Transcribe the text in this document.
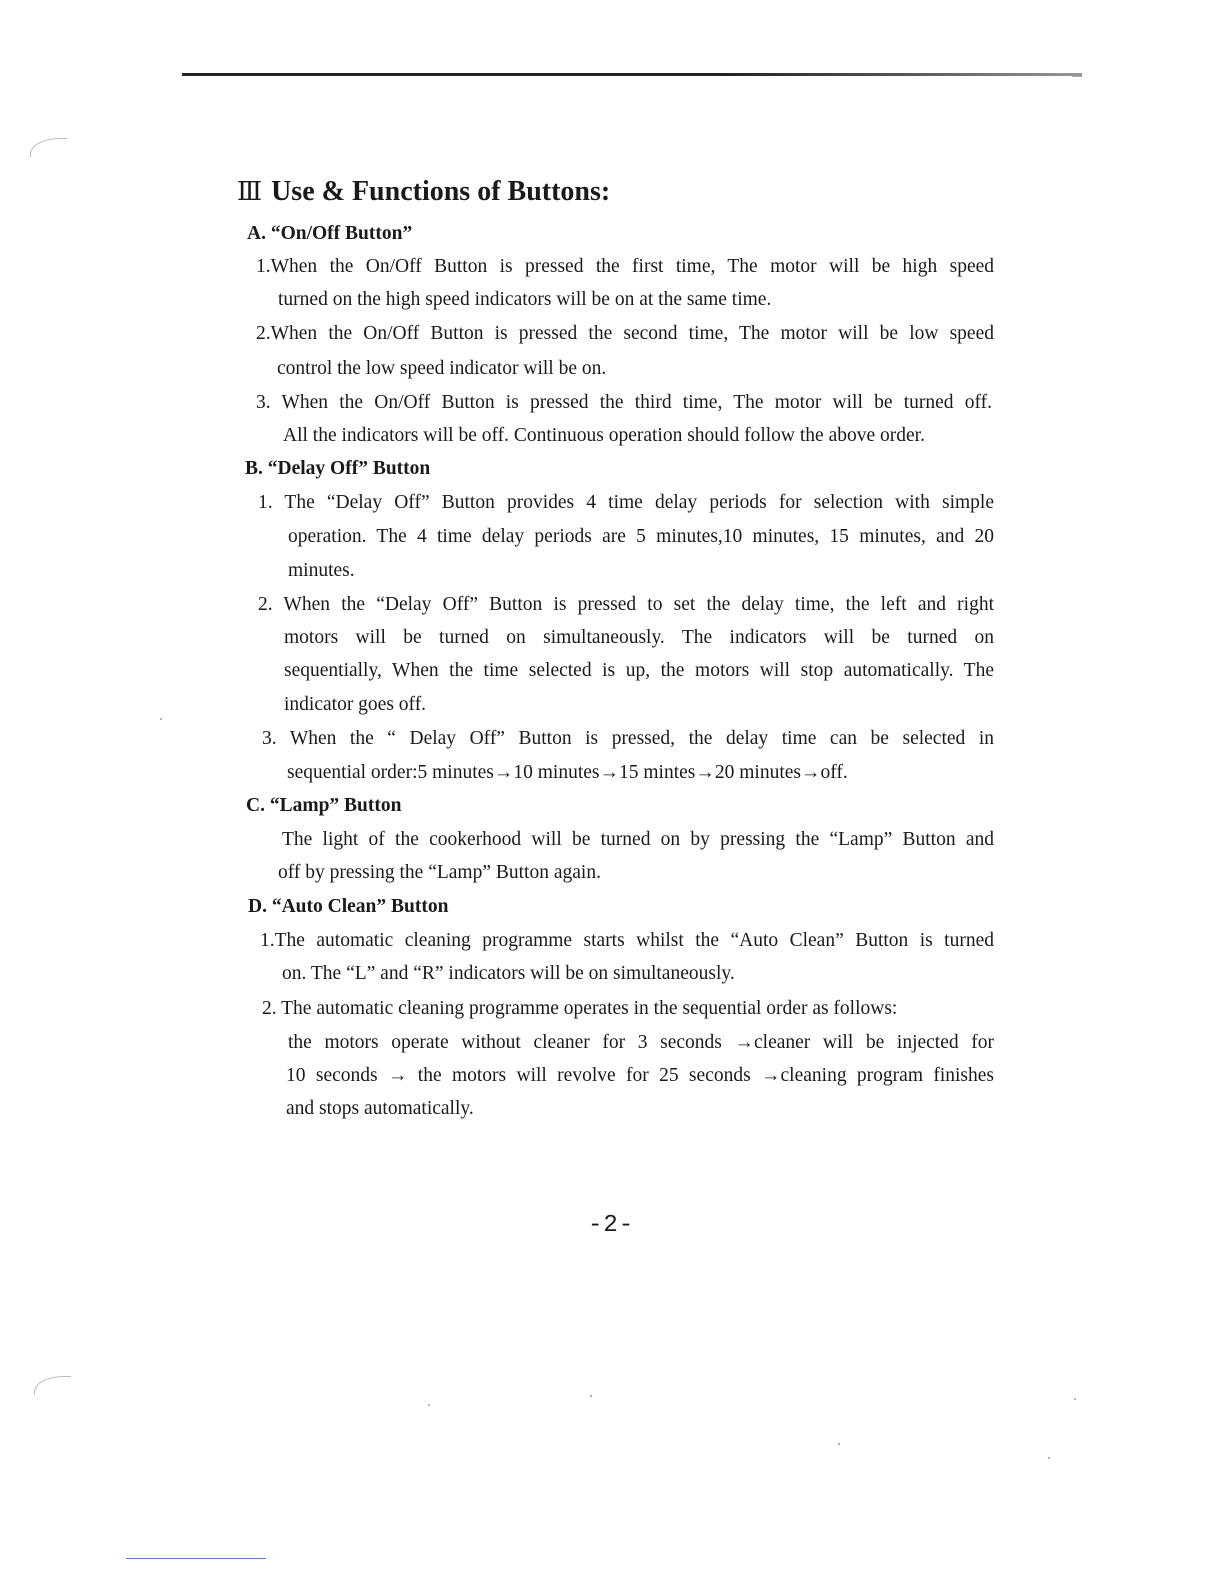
Ⅲ Use & Functions of Buttons:
A. “On/Off Button”
1.When the On/Off Button is pressed the first time, The motor will be high speed
turned on the high speed indicators will be on at the same time.
2.When the On/Off Button is pressed the second time, The motor will be low speed
control the low speed indicator will be on.
3. When the On/Off Button is pressed the third time, The motor will be turned off.
All the indicators will be off. Continuous operation should follow the above order.
B. “Delay Off” Button
1. The “Delay Off” Button provides 4 time delay periods for selection with simple
operation. The 4 time delay periods are 5 minutes,10 minutes, 15 minutes, and 20
minutes.
2. When the “Delay Off” Button is pressed to set the delay time, the left and right
motors will be turned on simultaneously. The indicators will be turned on
sequentially, When the time selected is up, the motors will stop automatically. The
indicator goes off.
3. When the “ Delay Off” Button is pressed, the delay time can be selected in
sequential order:5 minutes→10 minutes→15 mintes→20 minutes→off.
C. “Lamp” Button
The light of the cookerhood will be turned on by pressing the “Lamp” Button and
off by pressing the “Lamp” Button again.
D. “Auto Clean” Button
1.The automatic cleaning programme starts whilst the “Auto Clean” Button is turned
on. The “L” and “R” indicators will be on simultaneously.
2. The automatic cleaning programme operates in the sequential order as follows:
the motors operate without cleaner for 3 seconds →cleaner will be injected for
10 seconds → the motors will revolve for 25 seconds →cleaning program finishes
and stops automatically.
-2-
